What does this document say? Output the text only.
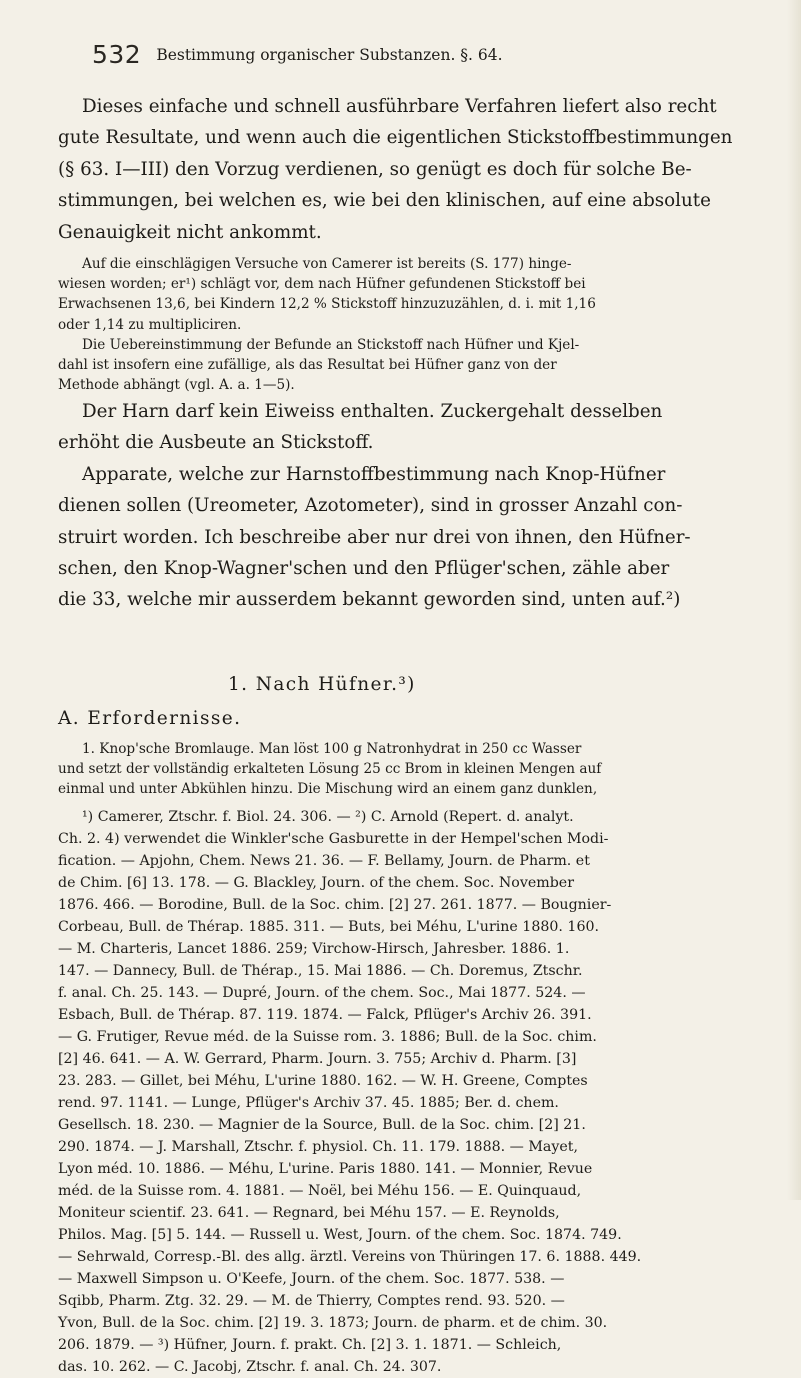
532 Bestimmung organischer Substanzen. §. 64.
Dieses einfache und schnell ausführbare Verfahren liefert also recht
gute Resultate, und wenn auch die eigentlichen Stickstoffbestimmungen
(§ 63. I—III) den Vorzug verdienen, so genügt es doch für solche Be-
stimmungen, bei welchen es, wie bei den klinischen, auf eine absolute
Genauigkeit nicht ankommt.
Auf die einschlägigen Versuche von Camerer ist bereits (S. 177) hinge-
wiesen worden; er¹) schlägt vor, dem nach Hüfner gefundenen Stickstoff bei
Erwachsenen 13,6, bei Kindern 12,2 % Stickstoff hinzuzuzählen, d. i. mit 1,16
oder 1,14 zu multipliciren.
Die Uebereinstimmung der Befunde an Stickstoff nach Hüfner und Kjel-
dahl ist insofern eine zufällige, als das Resultat bei Hüfner ganz von der
Methode abhängt (vgl. A. a. 1—5).
Der Harn darf kein Eiweiss enthalten. Zuckergehalt desselben
erhöht die Ausbeute an Stickstoff.
Apparate, welche zur Harnstoffbestimmung nach Knop-Hüfner
dienen sollen (Ureometer, Azotometer), sind in grosser Anzahl con-
struirt worden. Ich beschreibe aber nur drei von ihnen, den Hüfner-
schen, den Knop-Wagner'schen und den Pflüger'schen, zähle aber
die 33, welche mir ausserdem bekannt geworden sind, unten auf.²)
1. Nach Hüfner.³)
A. Erfordernisse.
1. Knop'sche Bromlauge. Man löst 100 g Natronhydrat in 250 cc Wasser
und setzt der vollständig erkalteten Lösung 25 cc Brom in kleinen Mengen auf
einmal und unter Abkühlen hinzu. Die Mischung wird an einem ganz dunklen,
¹) Camerer, Ztschr. f. Biol. 24. 306. — ²) C. Arnold (Repert. d. analyt.
Ch. 2. 4) verwendet die Winkler'sche Gasburette in der Hempel'schen Modi-
fication. — Apjohn, Chem. News 21. 36. — F. Bellamy, Journ. de Pharm. et
de Chim. [6] 13. 178. — G. Blackley, Journ. of the chem. Soc. November
1876. 466. — Borodine, Bull. de la Soc. chim. [2] 27. 261. 1877. — Bougnier-
Corbeau, Bull. de Thérap. 1885. 311. — Buts, bei Méhu, L'urine 1880. 160.
— M. Charteris, Lancet 1886. 259; Virchow-Hirsch, Jahresber. 1886. 1.
147. — Dannecy, Bull. de Thérap., 15. Mai 1886. — Ch. Doremus, Ztschr.
f. anal. Ch. 25. 143. — Dupré, Journ. of the chem. Soc., Mai 1877. 524. —
Esbach, Bull. de Thérap. 87. 119. 1874. — Falck, Pflüger's Archiv 26. 391.
— G. Frutiger, Revue méd. de la Suisse rom. 3. 1886; Bull. de la Soc. chim.
[2] 46. 641. — A. W. Gerrard, Pharm. Journ. 3. 755; Archiv d. Pharm. [3]
23. 283. — Gillet, bei Méhu, L'urine 1880. 162. — W. H. Greene, Comptes
rend. 97. 1141. — Lunge, Pflüger's Archiv 37. 45. 1885; Ber. d. chem.
Gesellsch. 18. 230. — Magnier de la Source, Bull. de la Soc. chim. [2] 21.
290. 1874. — J. Marshall, Ztschr. f. physiol. Ch. 11. 179. 1888. — Mayet,
Lyon méd. 10. 1886. — Méhu, L'urine. Paris 1880. 141. — Monnier, Revue
méd. de la Suisse rom. 4. 1881. — Noël, bei Méhu 156. — E. Quinquaud,
Moniteur scientif. 23. 641. — Regnard, bei Méhu 157. — E. Reynolds,
Philos. Mag. [5] 5. 144. — Russell u. West, Journ. of the chem. Soc. 1874. 749.
— Sehrwald, Corresp.-Bl. des allg. ärztl. Vereins von Thüringen 17. 6. 1888. 449.
— Maxwell Simpson u. O'Keefe, Journ. of the chem. Soc. 1877. 538. —
Sqibb, Pharm. Ztg. 32. 29. — M. de Thierry, Comptes rend. 93. 520. —
Yvon, Bull. de la Soc. chim. [2] 19. 3. 1873; Journ. de pharm. et de chim. 30.
206. 1879. — ³) Hüfner, Journ. f. prakt. Ch. [2] 3. 1. 1871. — Schleich,
das. 10. 262. — C. Jacobj, Ztschr. f. anal. Ch. 24. 307.
